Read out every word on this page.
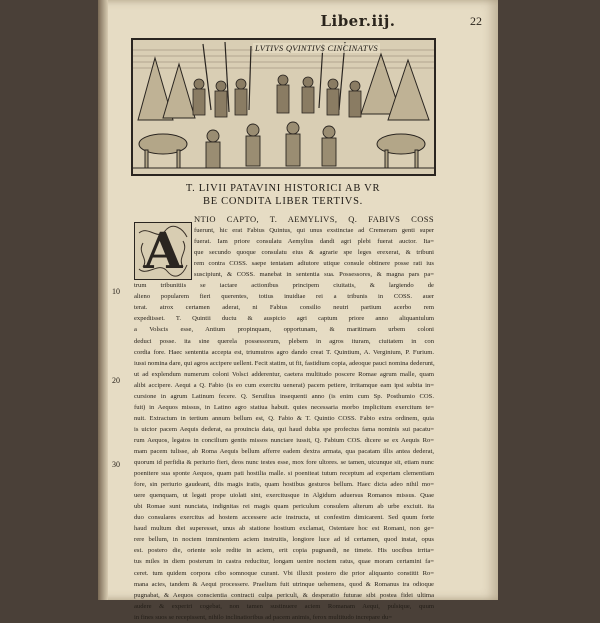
Liber.iij.	22
LVTIVS QVINTIVS CINCINATVS
T. LIVII PATAVINI HISTORICI AB VR
BE CONDITA LIBER TERTIVS.
A
10
20
30
NTIO CAPTO, T. AEMYLIVS, Q. FABIVS COSS
fuerunt, hic erat Fabius Quintus, qui unus exstinctae ad Cremeram genti super
fuerat. Iam priore consulatu Aemylius dandi agri plebi fuerat auctor. Ita=
que secundo quoque consulatu eius & agrarie spe leges erexerat, & tribuni
rem contra COSS. saepe tentatam adiutore utique consule obtinere posse rati ius
suscipiunt, & COSS. manebat in sententia sua. Possessores, & magna pars pa=
trum tribunitiis se iactare actionibus principem ciuitatis, & largiendo de
alieno popularem fieri querentes, totius inuidiae rei a tribunis in COSS. auer
terat. atrox certamen aderat, ni Fabius consilio neutri partium acerbo rem
expediisset. T. Quintii ductu & auspicio agri captum priore anno aliquantulum
a Volscis esse, Antium propinquam, opportunam, & maritimam urbem coloni
deduci posse. ita sine querela possessorum, plebem in agros ituram, ciuitatem in con
cordia fore. Haec sententia accepta est, triumuiros agro dando creat T. Quintium, A. Verginium, P. Furium.
iussi nomina dare, qui agros accipere uellent. Fecit statim, ut fit, fastidium copia, adeoque pauci nomina dederunt,
ut ad explendum numerum coloni Volsci adderentur, caetera multitudo poscere Romae agrum malle, quam
alibi accipere. Aequi a Q. Fabio (is eo cum exercitu uenerat) pacem petiere, irritamque eam ipsi subita in=
cursione in agrum Latinum fecere. Q. Seruilius insequenti anno (is enim cum Sp. Posthumio COS.
fuit) in Aequos missus, in Latino agro statiua habuit. quies necessaria morbo implicitum exercitum te=
nuit. Extractum in tertium annum bellum est, Q. Fabio & T. Quintio COSS. Fabio extra ordinem, quia
is uictor pacem Aequis dederat, ea prouincia data, qui haud dubia spe profectus fama nominis sui pacatu=
rum Aequos, legatos in concilium gentis missos nunciare iussit, Q. Fabium COS. dicere se ex Aequis Ro=
mam pacem tulisse, ab Roma Aequis bellum afferre eadem dextra armata, qua pacatam illis antea dederat,
quorum id perfidia & periurio fieri, deos nunc testes esse, mox fore ultores. se tamen, utcunque sit, etiam nunc
poenitere sua sponte Aequos, quam pati hostilia malle. si poeniteat tutum receptum ad expertam clementiam
fore, sin periurio gaudeant, diis magis iratis, quam hostibus gesturos bellum. Haec dicta adeo nihil mo=
uere quenquam, ut legati prope uiolati sint, exercitusque in Algidum aduersus Romanos missus. Quae
ubi Romae sunt nunciata, indignitas rei magis quam periculum consulem alterum ab urbe exciuit. ita
duo consulares exercitus ad hostem accessere acie instructa, ut confestim dimicarent. Sed quum forte
haud multum diei superesset, unus ab statione hostium exclamat, Ostentare hoc est Romani, non ge=
rere bellum, in noctem imminentem aciem instruitis, longiore luce ad id certamen, quod instat, opus
est. postero die, oriente sole redite in aciem, erit copia pugnandi, ne timete. His uocibus irrita=
tus miles in diem posterum in castra reducitur, longam uenire noctem ratus, quae moram certamini fa=
ceret. tum quidem corpora cibo somnoque curant. Vbi illuxit postero die prior aliquanto constitit Ro=
mana acies, tandem & Aequi processere. Praelium fuit utrinque uehemens, quod & Romanus ira odioque
pugnabat, & Aequos conscientia contracti culpa periculi, & desperatio futurae sibi postea fidei ultima
audere & experiri cogebat, non tamen sustinuere aciem Romanam Aequi, pulsique, quum
in fines suos se recepissent, nihilo inclinatioribus ad pacem animis, ferox multitudo increpare du=
